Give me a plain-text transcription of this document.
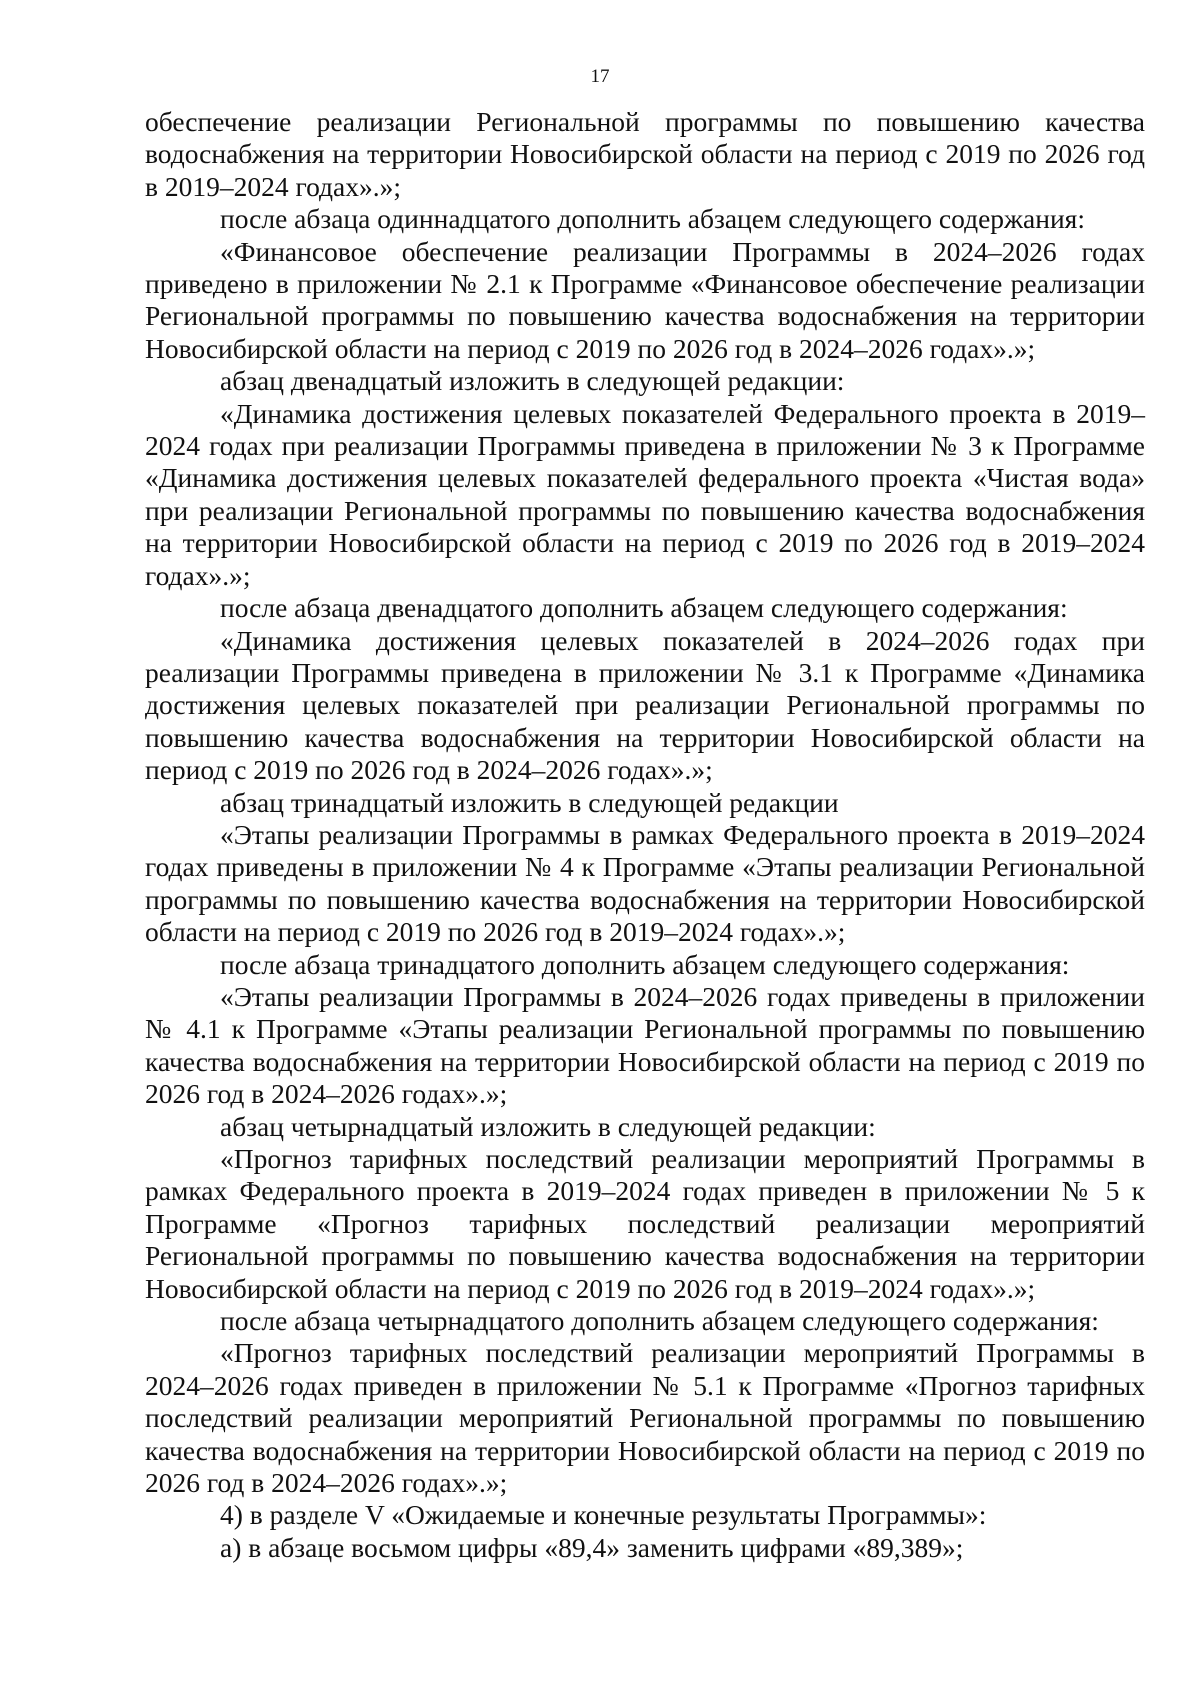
17

обеспечение реализации Региональной программы по повышению качества водоснабжения на территории Новосибирской области на период с 2019 по 2026 год в 2019–2024 годах».»;

после абзаца одиннадцатого дополнить абзацем следующего содержания:

«Финансовое обеспечение реализации Программы в 2024–2026 годах приведено в приложении № 2.1 к Программе «Финансовое обеспечение реализации Региональной программы по повышению качества водоснабжения на территории Новосибирской области на период с 2019 по 2026 год в 2024–2026 годах».»;

абзац двенадцатый изложить в следующей редакции:

«Динамика достижения целевых показателей Федерального проекта в 2019–2024 годах при реализации Программы приведена в приложении № 3 к Программе «Динамика достижения целевых показателей федерального проекта «Чистая вода» при реализации Региональной программы по повышению качества водоснабжения на территории Новосибирской области на период с 2019 по 2026 год в 2019–2024 годах».»;

после абзаца двенадцатого дополнить абзацем следующего содержания:

«Динамика достижения целевых показателей в 2024–2026 годах при реализации Программы приведена в приложении № 3.1 к Программе «Динамика достижения целевых показателей при реализации Региональной программы по повышению качества водоснабжения на территории Новосибирской области на период с 2019 по 2026 год в 2024–2026 годах».»;

абзац тринадцатый изложить в следующей редакции

«Этапы реализации Программы в рамках Федерального проекта в 2019–2024 годах приведены в приложении № 4 к Программе «Этапы реализации Региональной программы по повышению качества водоснабжения на территории Новосибирской области на период с 2019 по 2026 год в 2019–2024 годах».»;

после абзаца тринадцатого дополнить абзацем следующего содержания:

«Этапы реализации Программы в 2024–2026 годах приведены в приложении № 4.1 к Программе «Этапы реализации Региональной программы по повышению качества водоснабжения на территории Новосибирской области на период с 2019 по 2026 год в 2024–2026 годах».»;

абзац четырнадцатый изложить в следующей редакции:

«Прогноз тарифных последствий реализации мероприятий Программы в рамках Федерального проекта в 2019–2024 годах приведен в приложении № 5 к Программе «Прогноз тарифных последствий реализации мероприятий Региональной программы по повышению качества водоснабжения на территории Новосибирской области на период с 2019 по 2026 год в 2019–2024 годах».»;

после абзаца четырнадцатого дополнить абзацем следующего содержания:

«Прогноз тарифных последствий реализации мероприятий Программы в 2024–2026 годах приведен в приложении № 5.1 к Программе «Прогноз тарифных последствий реализации мероприятий Региональной программы по повышению качества водоснабжения на территории Новосибирской области на период с 2019 по 2026 год в 2024–2026 годах».»;

4) в разделе V «Ожидаемые и конечные результаты Программы»:

а) в абзаце восьмом цифры «89,4» заменить цифрами «89,389»;
